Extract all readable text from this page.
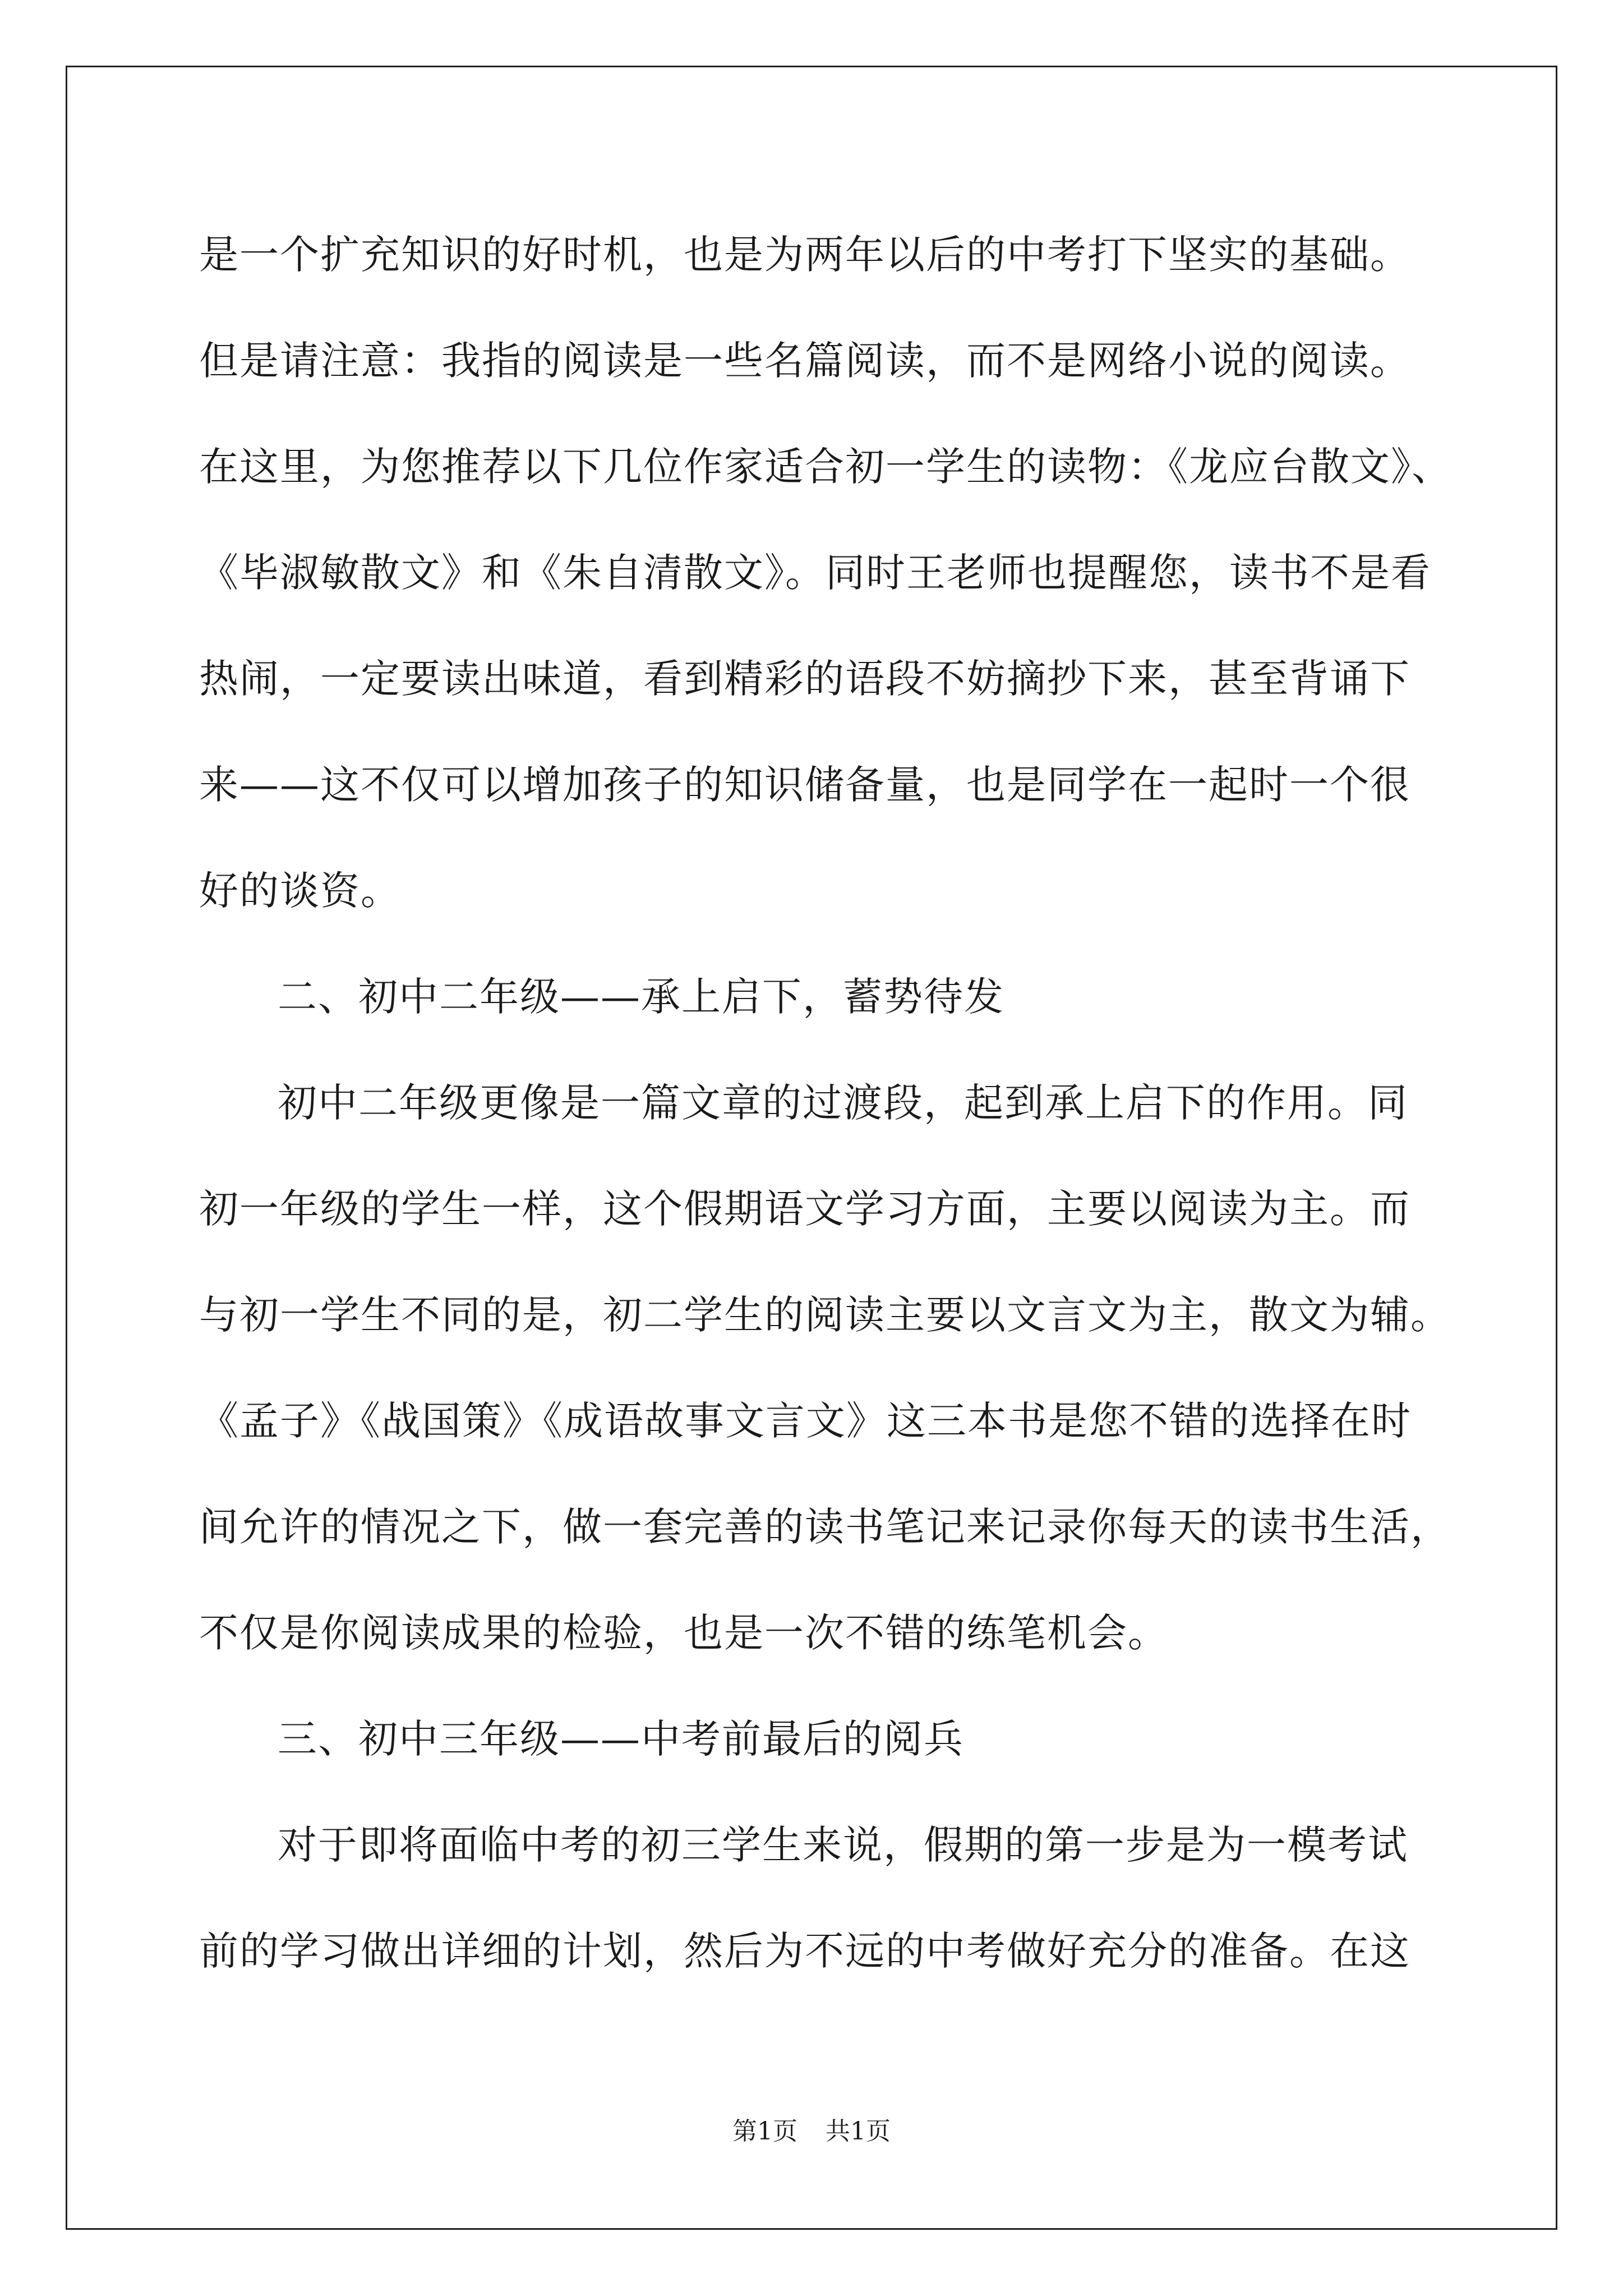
是一个扩充知识的好时机，也是为两年以后的中考打下坚实的基础。
但是请注意：我指的阅读是一些名篇阅读，而不是网络小说的阅读。
在这里，为您推荐以下几位作家适合初一学生的读物：《龙应台散文》、
《毕淑敏散文》和《朱自清散文》。同时王老师也提醒您，读书不是看
热闹，一定要读出味道，看到精彩的语段不妨摘抄下来，甚至背诵下
来——这不仅可以增加孩子的知识储备量，也是同学在一起时一个很
好的谈资。
二、初中二年级——承上启下，蓄势待发
初中二年级更像是一篇文章的过渡段，起到承上启下的作用。同
初一年级的学生一样，这个假期语文学习方面，主要以阅读为主。而
与初一学生不同的是，初二学生的阅读主要以文言文为主，散文为辅。
《孟子》《战国策》《成语故事文言文》这三本书是您不错的选择在时
间允许的情况之下，做一套完善的读书笔记来记录你每天的读书生活，
不仅是你阅读成果的检验，也是一次不错的练笔机会。
三、初中三年级——中考前最后的阅兵
对于即将面临中考的初三学生来说，假期的第一步是为一模考试
前的学习做出详细的计划，然后为不远的中考做好充分的准备。在这
第1页 共1页
